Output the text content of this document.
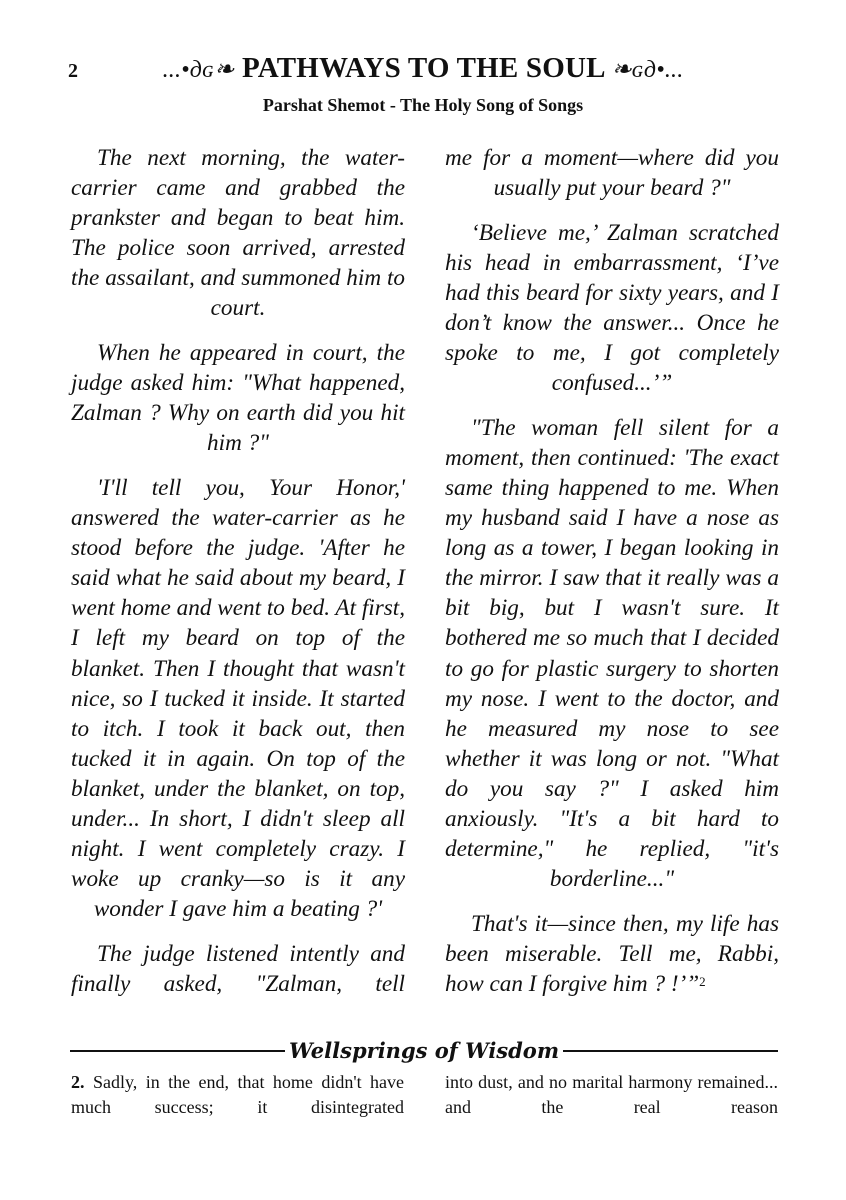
2	...•дɢ❧ PATHWAYS TO THE SOUL ❧ɢд•...
Parshat Shemot - The Holy Song of Songs

The next morning, the water-carrier came and grabbed the prankster and began to beat him. The police soon arrived, arrested the assailant, and summoned him to court.

When he appeared in court, the judge asked him: "What happened, Zalman ? Why on earth did you hit him ?"

'I'll tell you, Your Honor,' answered the water-carrier as he stood before the judge. 'After he said what he said about my beard, I went home and went to bed. At first, I left my beard on top of the blanket. Then I thought that wasn't nice, so I tucked it inside. It started to itch. I took it back out, then tucked it in again. On top of the blanket, under the blanket, on top, under... In short, I didn't sleep all night. I went completely crazy. I woke up cranky—so is it any wonder I gave him a beating ?'

The judge listened intently and finally asked, "Zalman, tell

me for a moment—where did you usually put your beard ?"

‘Believe me,’ Zalman scratched his head in embarrassment, ‘I’ve had this beard for sixty years, and I don’t know the answer... Once he spoke to me, I got completely confused...’”

"The woman fell silent for a moment, then continued: 'The exact same thing happened to me. When my husband said I have a nose as long as a tower, I began looking in the mirror. I saw that it really was a bit big, but I wasn't sure. It bothered me so much that I decided to go for plastic surgery to shorten my nose. I went to the doctor, and he measured my nose to see whether it was long or not. "What do you say ?" I asked him anxiously. "It's a bit hard to determine," he replied, "it's borderline..."

That's it—since then, my life has been miserable. Tell me, Rabbi, how can I forgive him ? !’”$^2$

Wellsprings of Wisdom
2. Sadly, in the end, that home didn't have much success; it disintegrated
into dust, and no marital harmony remained... and the real reason
